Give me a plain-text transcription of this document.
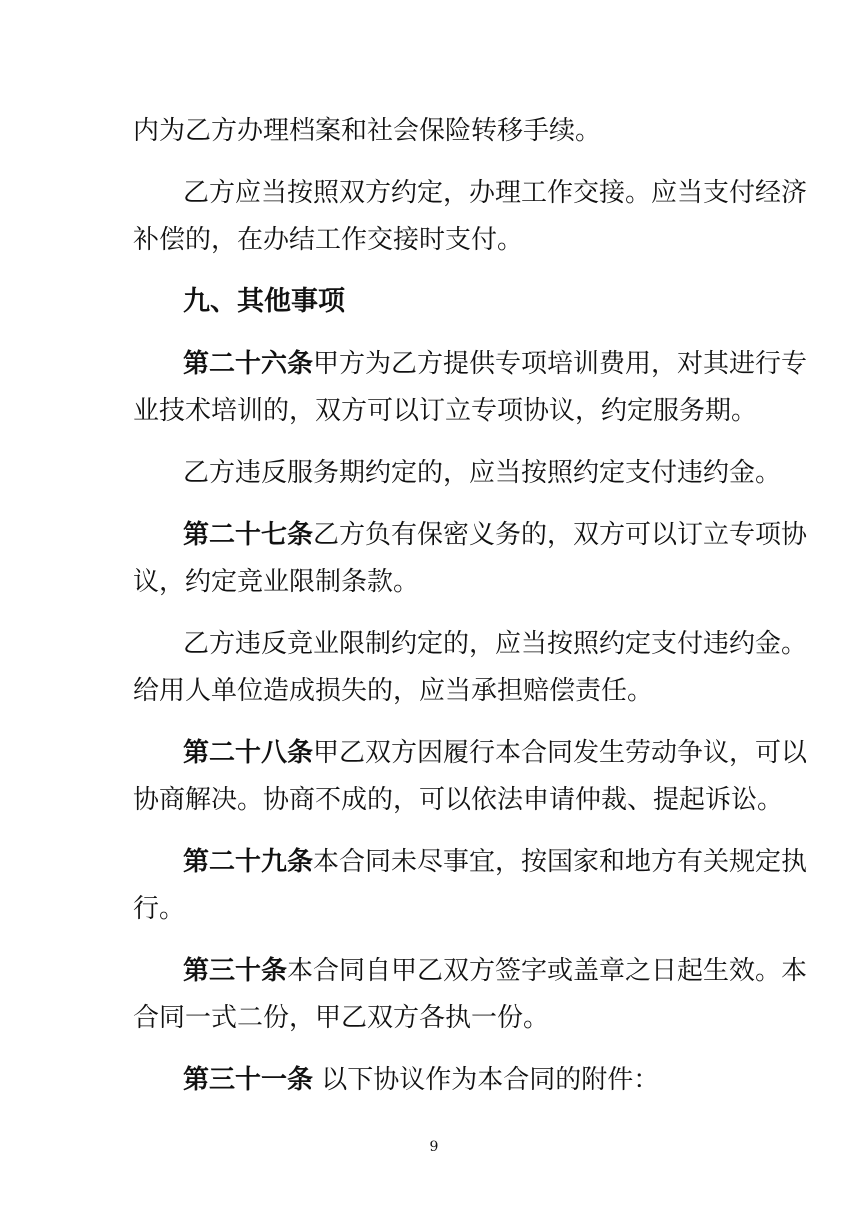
内为乙方办理档案和社会保险转移手续。
乙方应当按照双方约定，办理工作交接。应当支付经济
补偿的，在办结工作交接时支付。
九、其他事项
第二十六条甲方为乙方提供专项培训费用，对其进行专
业技术培训的，双方可以订立专项协议，约定服务期。
乙方违反服务期约定的，应当按照约定支付违约金。
第二十七条乙方负有保密义务的，双方可以订立专项协
议，约定竞业限制条款。
乙方违反竞业限制约定的，应当按照约定支付违约金。
给用人单位造成损失的，应当承担赔偿责任。
第二十八条甲乙双方因履行本合同发生劳动争议，可以
协商解决。协商不成的，可以依法申请仲裁、提起诉讼。
第二十九条本合同未尽事宜，按国家和地方有关规定执
行。
第三十条本合同自甲乙双方签字或盖章之日起生效。本
合同一式二份，甲乙双方各执一份。
第三十一条 以下协议作为本合同的附件：
9
